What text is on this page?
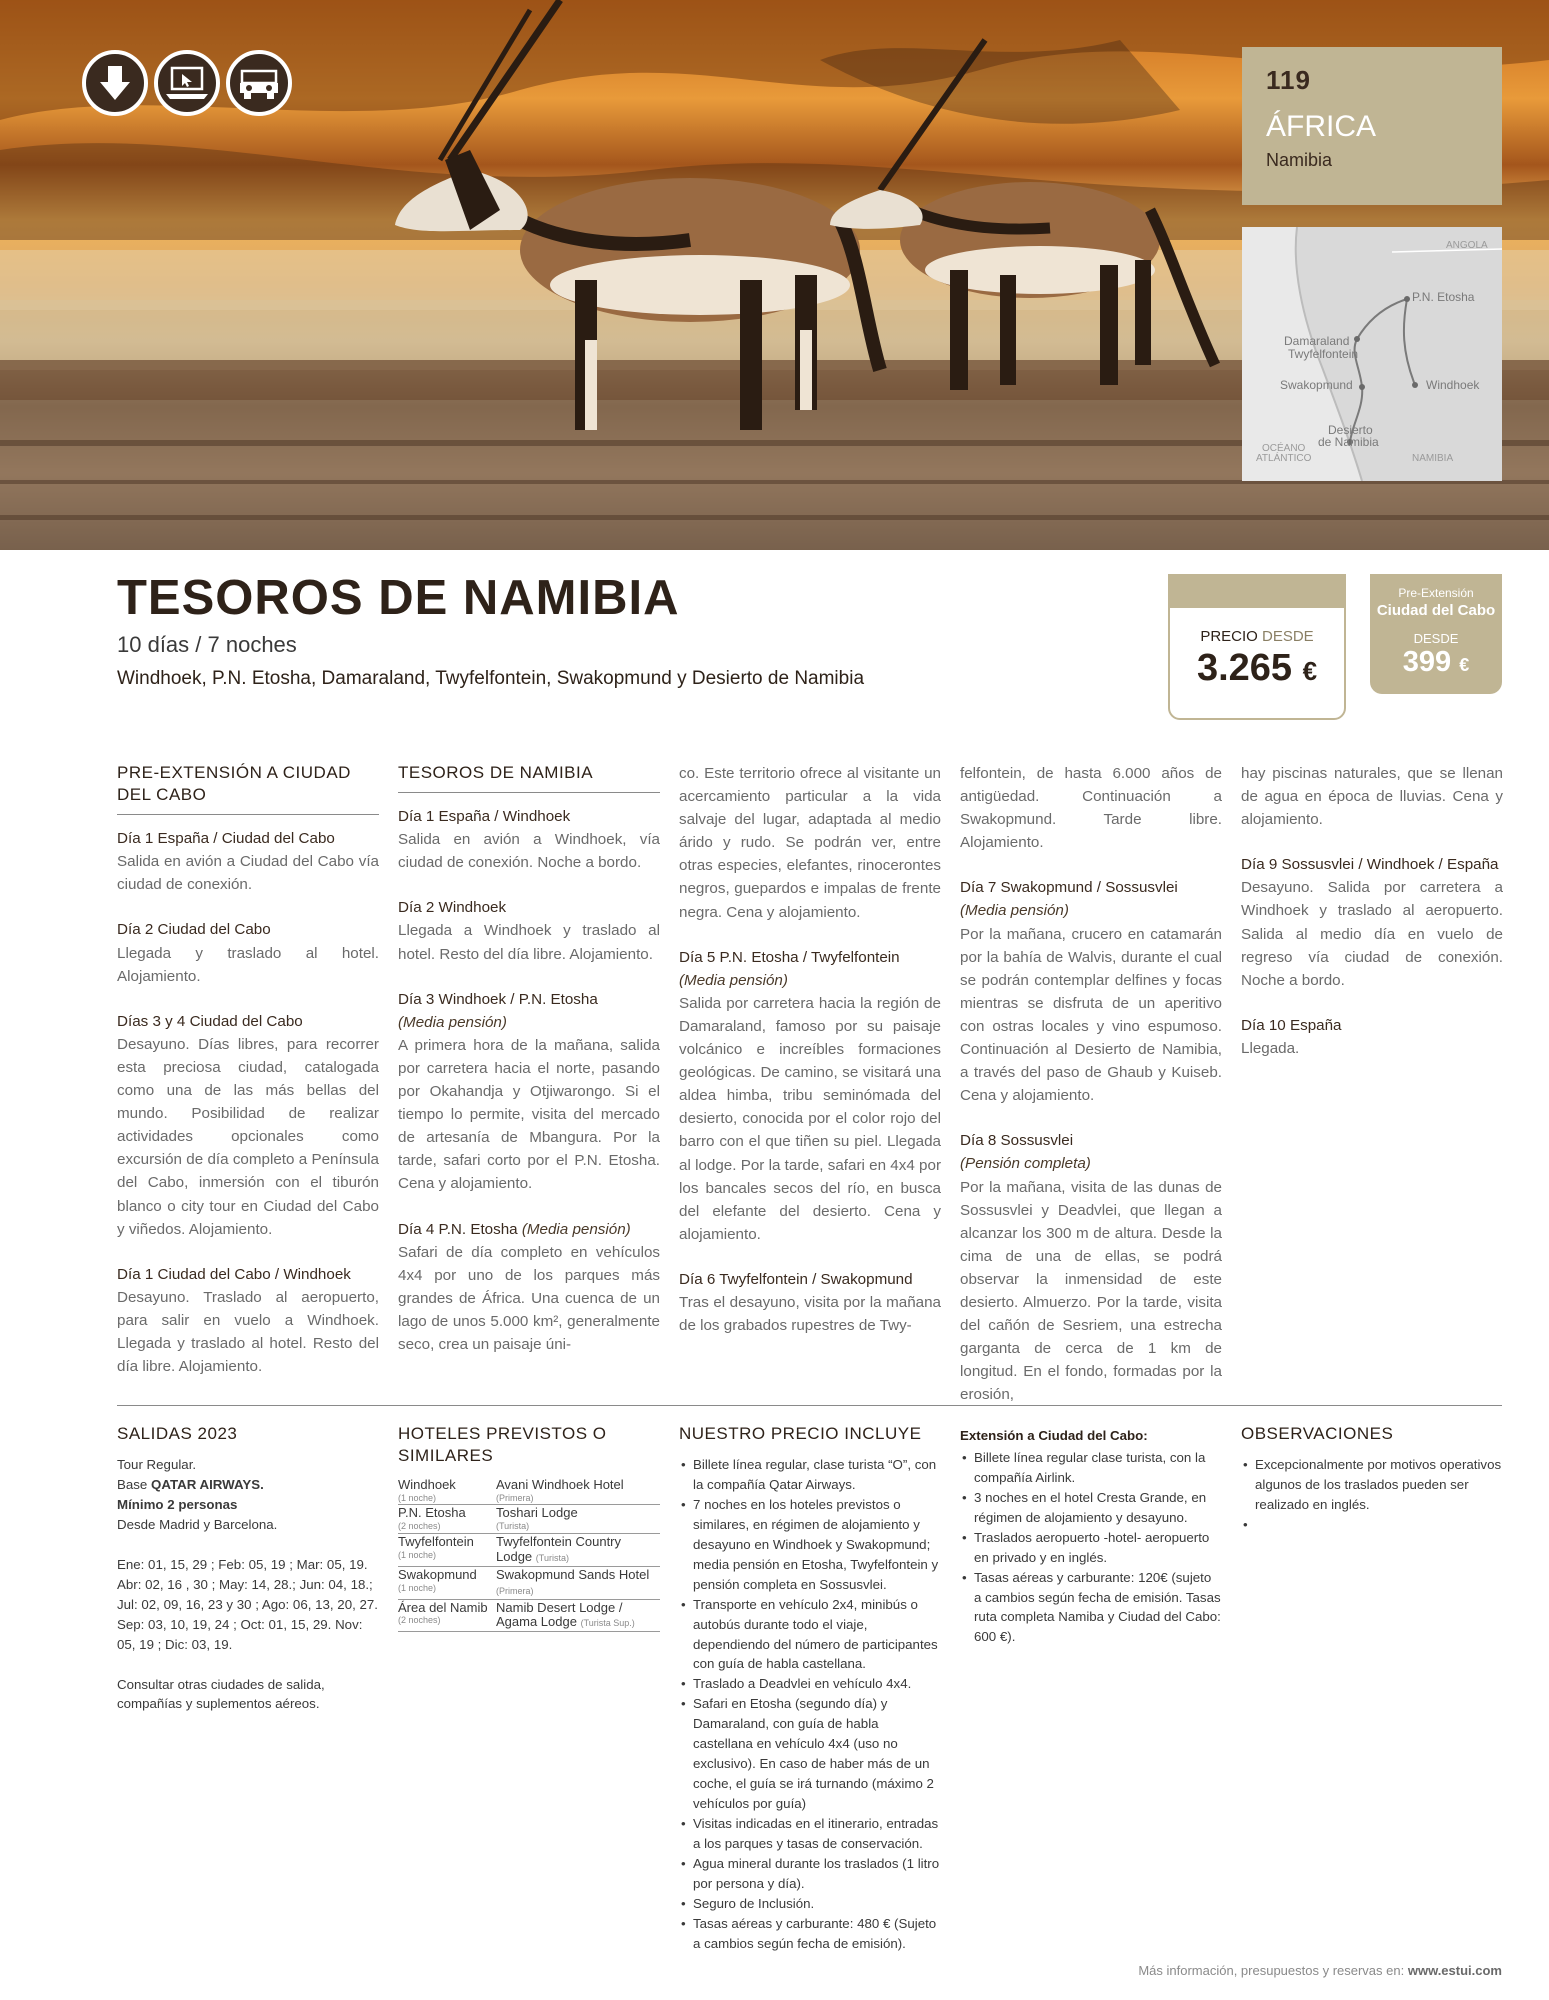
119
ÁFRICA
Namibia
ANGOLA
P.N. Etosha
Damaraland
Twyfelfontein
Swakopmund	Windhoek
Desierto
de Namibia
OCÉANO
ATLÁNTICO	NAMIBIA
TESOROS DE NAMIBIA
10 días / 7 noches
Windhoek, P.N. Etosha, Damaraland, Twyfelfontein, Swakopmund y Desierto de Namibia
PRECIO DESDE
3.265 €
Pre-Extensión
Ciudad del Cabo
DESDE
399 €
PRE-EXTENSIÓN A CIUDAD DEL CABO

Día 1 España / Ciudad del Cabo
Salida en avión a Ciudad del Cabo vía ciudad de conexión.

Día 2 Ciudad del Cabo
Llegada y traslado al hotel. Alojamiento.

Días 3 y 4 Ciudad del Cabo
Desayuno. Días libres, para recorrer esta preciosa ciudad, catalogada como una de las más bellas del mundo. Posibilidad de realizar actividades opcionales como excursión de día completo a Península del Cabo, inmersión con el tiburón blanco o city tour en Ciudad del Cabo y viñedos. Alojamiento.

Día 1 Ciudad del Cabo / Windhoek
Desayuno. Traslado al aeropuerto, para salir en vuelo a Windhoek. Llegada y traslado al hotel. Resto del día libre. Alojamiento.

TESOROS DE NAMIBIA

Día 1 España / Windhoek
Salida en avión a Windhoek, vía ciudad de conexión. Noche a bordo.

Día 2 Windhoek
Llegada a Windhoek y traslado al hotel. Resto del día libre. Alojamiento.

Día 3 Windhoek / P.N. Etosha
(Media pensión)
A primera hora de la mañana, salida por carretera hacia el norte, pasando por Okahandja y Otjiwarongo. Si el tiempo lo permite, visita del mercado de artesanía de Mbangura. Por la tarde, safari corto por el P.N. Etosha. Cena y alojamiento.

Día 4 P.N. Etosha (Media pensión)
Safari de día completo en vehículos 4x4 por uno de los parques más grandes de África. Una cuenca de un lago de unos 5.000 km², generalmente seco, crea un paisaje úni-

co. Este territorio ofrece al visitante un acercamiento particular a la vida salvaje del lugar, adaptada al medio árido y rudo. Se podrán ver, entre otras especies, elefantes, rinocerontes negros, guepardos e impalas de frente negra. Cena y alojamiento.

Día 5 P.N. Etosha / Twyfelfontein
(Media pensión)
Salida por carretera hacia la región de Damaraland, famoso por su paisaje volcánico e increíbles formaciones geológicas. De camino, se visitará una aldea himba, tribu seminómada del desierto, conocida por el color rojo del barro con el que tiñen su piel. Llegada al lodge. Por la tarde, safari en 4x4 por los bancales secos del río, en busca del elefante del desierto. Cena y alojamiento.

Día 6 Twyfelfontein / Swakopmund
Tras el desayuno, visita por la mañana de los grabados rupestres de Twy-

felfontein, de hasta 6.000 años de antigüedad. Continuación a Swakopmund. Tarde libre. Alojamiento.

Día 7 Swakopmund / Sossusvlei
(Media pensión)
Por la mañana, crucero en catamarán por la bahía de Walvis, durante el cual se podrán contemplar delfines y focas mientras se disfruta de un aperitivo con ostras locales y vino espumoso. Continuación al Desierto de Namibia, a través del paso de Ghaub y Kuiseb. Cena y alojamiento.

Día 8 Sossusvlei
(Pensión completa)
Por la mañana, visita de las dunas de Sossusvlei y Deadvlei, que llegan a alcanzar los 300 m de altura. Desde la cima de una de ellas, se podrá observar la inmensidad de este desierto. Almuerzo. Por la tarde, visita del cañón de Sesriem, una estrecha garganta de cerca de 1 km de longitud. En el fondo, formadas por la erosión,

hay piscinas naturales, que se llenan de agua en época de lluvias. Cena y alojamiento.

Día 9 Sossusvlei / Windhoek / España
Desayuno. Salida por carretera a Windhoek y traslado al aeropuerto. Salida al medio día en vuelo de regreso vía ciudad de conexión. Noche a bordo.

Día 10 España
Llegada.

SALIDAS 2023
Tour Regular.
Base QATAR AIRWAYS.
Mínimo 2 personas
Desde Madrid y Barcelona.
Ene: 01, 15, 29 ; Feb: 05, 19 ; Mar: 05, 19. Abr: 02, 16 , 30 ; May: 14, 28.; Jun: 04, 18.; Jul: 02, 09, 16, 23 y 30 ; Ago: 06, 13, 20, 27. Sep: 03, 10, 19, 24 ; Oct: 01, 15, 29. Nov: 05, 19 ; Dic: 03, 19.
Consultar otras ciudades de salida, compañías y suplementos aéreos.
HOTELES PREVISTOS O SIMILARES
Windhoek
(1 noche)	Avani Windhoek Hotel
(Primera)

P.N. Etosha
(2 noches)	Toshari Lodge
(Turista)

Twyfelfontein
(1 noche)	Twyfelfontein Country Lodge (Turista)
Swakopmund
(1 noche)	Swakopmund Sands Hotel (Primera)
Área del Namib
(2 noches)	Namib Desert Lodge / Agama Lodge (Turista Sup.)
NUESTRO PRECIO INCLUYE
• Billete línea regular, clase turista “O”, con la compañía Qatar Airways.
• 7 noches en los hoteles previstos o similares, en régimen de alojamiento y desayuno en Windhoek y Swakopmund; media pensión en Etosha, Twyfelfontein y pensión completa en Sossusvlei.
• Transporte en vehículo 2x4, minibús o autobús durante todo el viaje, dependiendo del número de participantes con guía de habla castellana.
• Traslado a Deadvlei en vehículo 4x4.
• Safari en Etosha (segundo día) y Damaraland, con guía de habla castellana en vehículo 4x4 (uso no exclusivo). En caso de haber más de un coche, el guía se irá turnando (máximo 2 vehículos por guía)
• Visitas indicadas en el itinerario, entradas a los parques y tasas de conservación.
• Agua mineral durante los traslados (1 litro por persona y día).
• Seguro de Inclusión.
• Tasas aéreas y carburante: 480 € (Sujeto a cambios según fecha de emisión).
Extensión a Ciudad del Cabo:
• Billete línea regular clase turista, con la compañía Airlink.
• 3 noches en el hotel Cresta Grande, en régimen de alojamiento y desayuno.
• Traslados aeropuerto -hotel- aeropuerto en privado y en inglés.
• Tasas aéreas y carburante: 120€ (sujeto a cambios según fecha de emisión. Tasas ruta completa Namiba y Ciudad del Cabo: 600 €).
OBSERVACIONES
• Excepcionalmente por motivos operativos algunos de los traslados pueden ser realizado en inglés.
Más información, presupuestos y reservas en: www.estui.com
